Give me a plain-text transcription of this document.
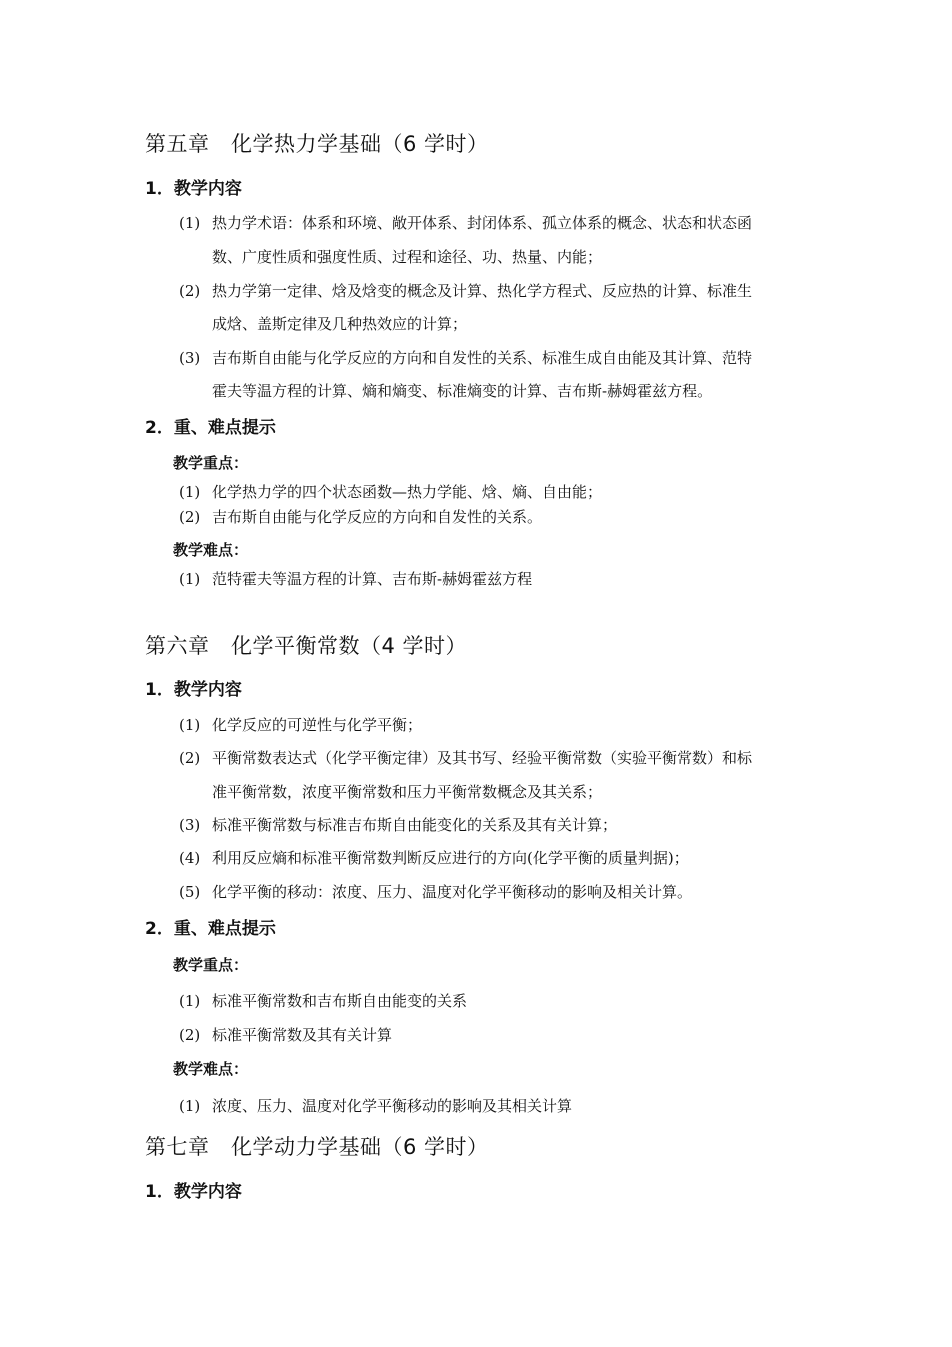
第五章　化学热力学基础（6 学时）
1．教学内容
(1) 热力学术语：体系和环境、敞开体系、封闭体系、孤立体系的概念、状态和状态函
数、广度性质和强度性质、过程和途径、功、热量、内能；
(2) 热力学第一定律、焓及焓变的概念及计算、热化学方程式、反应热的计算、标准生
成焓、盖斯定律及几种热效应的计算；
(3) 吉布斯自由能与化学反应的方向和自发性的关系、标准生成自由能及其计算、范特
霍夫等温方程的计算、熵和熵变、标准熵变的计算、吉布斯-赫姆霍兹方程。
2．重、难点提示
教学重点：
(1) 化学热力学的四个状态函数—热力学能、焓、熵、自由能；
(2) 吉布斯自由能与化学反应的方向和自发性的关系。
教学难点：
(1) 范特霍夫等温方程的计算、吉布斯-赫姆霍兹方程
第六章　化学平衡常数（4 学时）
1．教学内容
(1) 化学反应的可逆性与化学平衡；
(2) 平衡常数表达式（化学平衡定律）及其书写、经验平衡常数（实验平衡常数）和标
准平衡常数，浓度平衡常数和压力平衡常数概念及其关系；
(3) 标准平衡常数与标准吉布斯自由能变化的关系及其有关计算；
(4) 利用反应熵和标准平衡常数判断反应进行的方向(化学平衡的质量判据)；
(5) 化学平衡的移动：浓度、压力、温度对化学平衡移动的影响及相关计算。
2．重、难点提示
教学重点：
(1) 标准平衡常数和吉布斯自由能变的关系
(2) 标准平衡常数及其有关计算
教学难点：
(1) 浓度、压力、温度对化学平衡移动的影响及其相关计算
第七章　化学动力学基础（6 学时）
1．教学内容
